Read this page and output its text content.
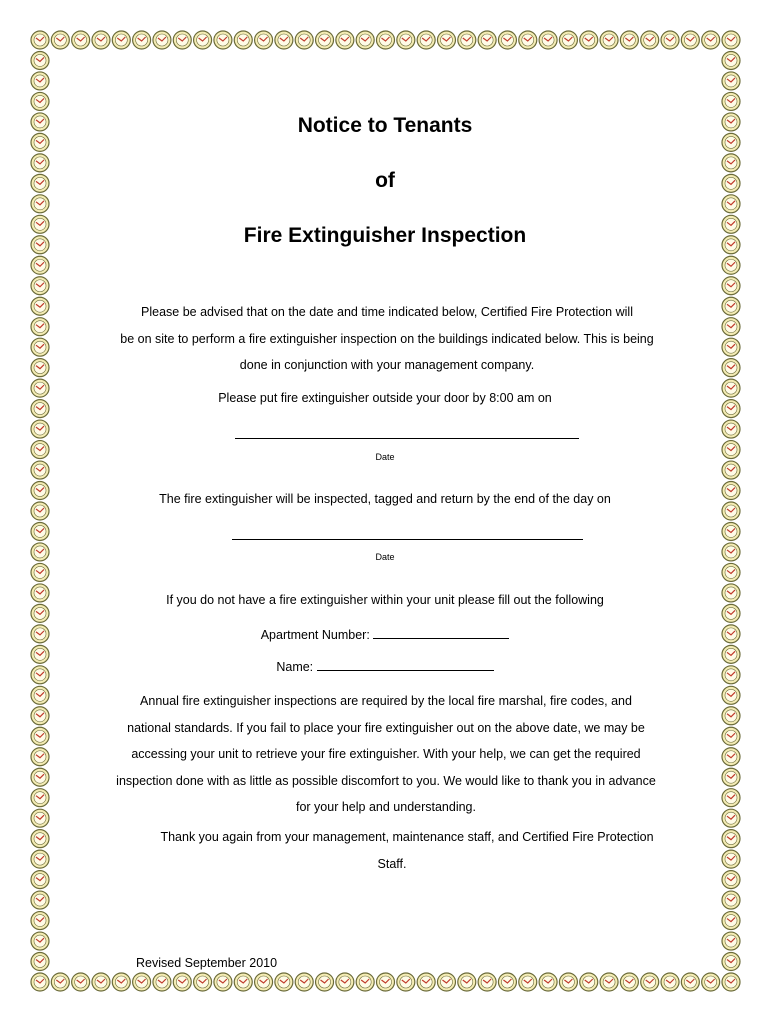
Notice to Tenants
of
Fire Extinguisher Inspection

Please be advised that on the date and time indicated below, Certified Fire Protection will

be on site to perform a fire extinguisher inspection on the buildings indicated below. This is being

done in conjunction with your management company.

Please put fire extinguisher outside your door by 8:00 am on
Date
The fire extinguisher will be inspected, tagged and return by the end of the day on
Date
If you do not have a fire extinguisher within your unit please fill out the following
Apartment Number:
Name:

Annual fire extinguisher inspections are required by the local fire marshal, fire codes, and

national standards. If you fail to place your fire extinguisher out on the above date, we may be

accessing your unit to retrieve your fire extinguisher. With your help, we can get the required

inspection done with as little as possible discomfort to you. We would like to thank you in advance

for your help and understanding.

Thank you again from your management, maintenance staff, and Certified Fire Protection

Staff.

Revised September 2010
